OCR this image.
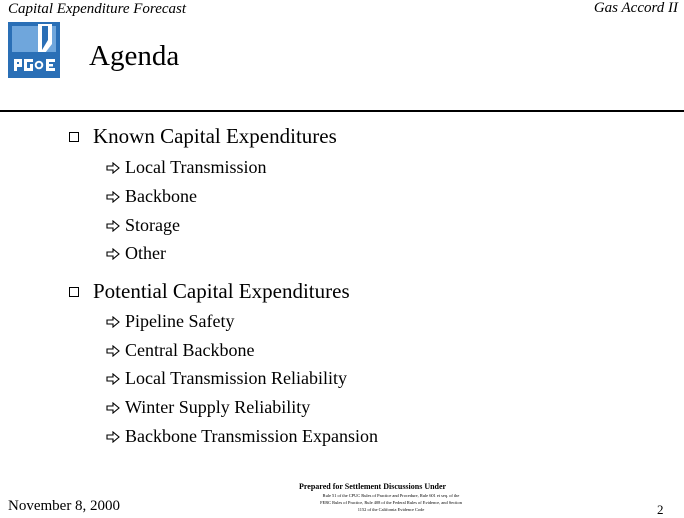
Capital Expenditure Forecast	Gas Accord II
Agenda
Known Capital Expenditures
Local Transmission
Backbone
Storage
Other
Potential Capital Expenditures
Pipeline Safety
Central Backbone
Local Transmission Reliability
Winter Supply Reliability
Backbone Transmission Expansion
November 8, 2000
Prepared for Settlement Discussions Under
Rule 51 of the CPUC Rules of Practice and Procedure, Rule 601 et seq. of the
FERC Rules of Practice, Rule 408 of the Federal Rules of Evidence, and Section
1152 of the California Evidence Code	2
